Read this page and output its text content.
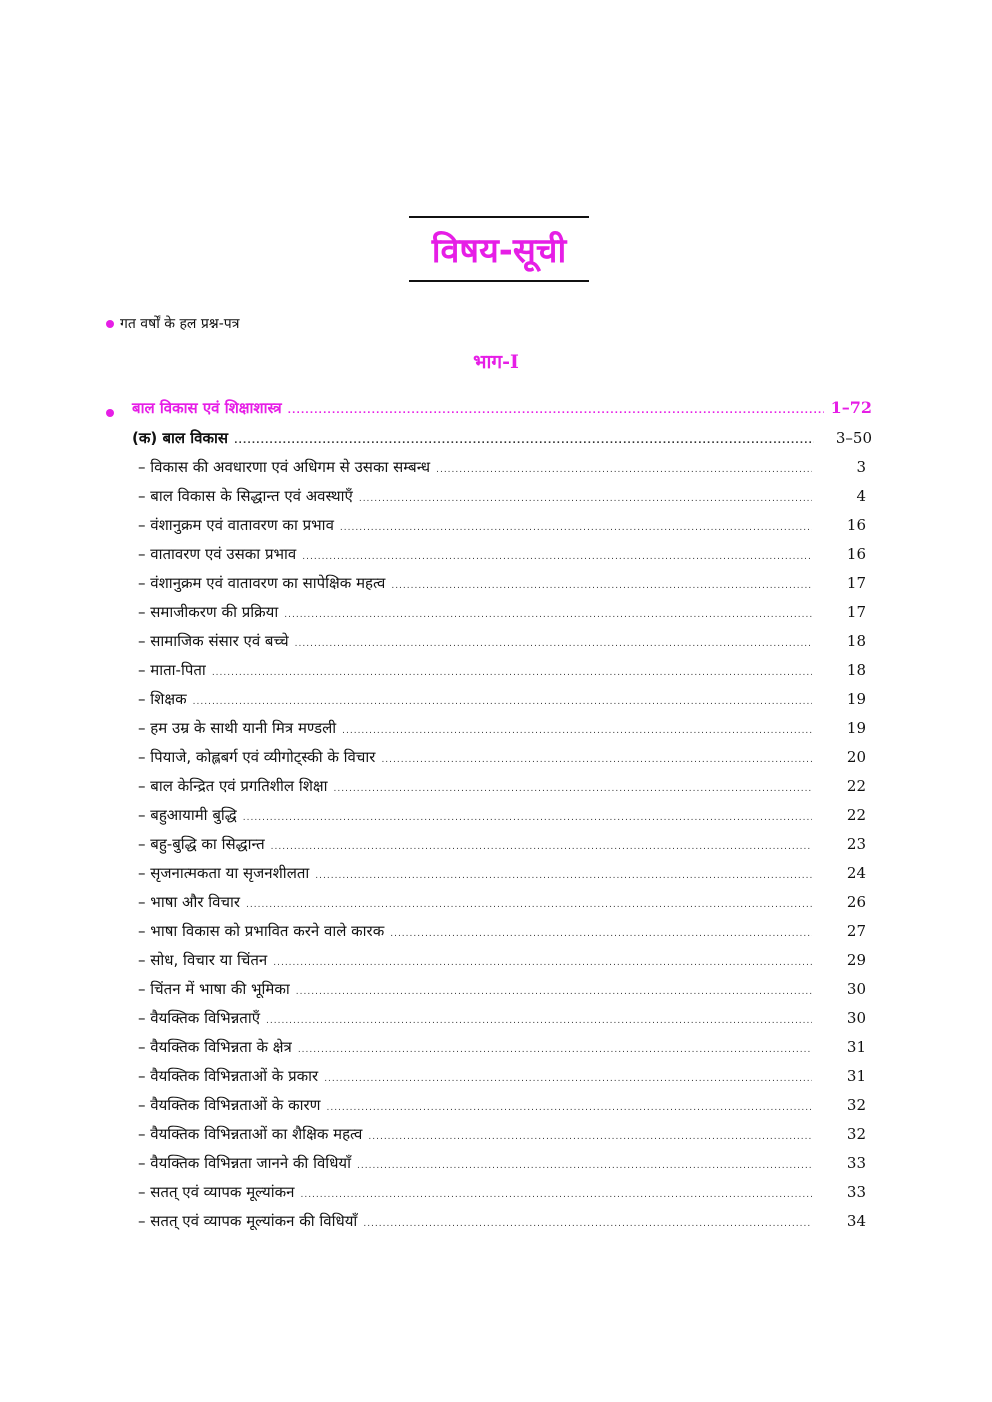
विषय-सूची
गत वर्षों के हल प्रश्न-पत्र
भाग-I
बाल विकास एवं शिक्षाशास्त्र .....	1–72
(क) बाल विकास .....	3–50
– विकास की अवधारणा एवं अधिगम से उसका सम्बन्ध .....	3
– बाल विकास के सिद्धान्त एवं अवस्थाएँ .....	4
– वंशानुक्रम एवं वातावरण का प्रभाव .....	16
– वातावरण एवं उसका प्रभाव .....	16
– वंशानुक्रम एवं वातावरण का सापेक्षिक महत्व .....	17
– समाजीकरण की प्रक्रिया .....	17
– सामाजिक संसार एवं बच्चे .....	18
– माता-पिता .....	18
– शिक्षक .....	19
– हम उम्र के साथी यानी मित्र मण्डली .....	19
– पियाजे, कोह्लबर्ग एवं व्यीगोट्स्की के विचार .....	20
– बाल केन्द्रित एवं प्रगतिशील शिक्षा .....	22
– बहुआयामी बुद्धि .....	22
– बहु-बुद्धि का सिद्धान्त .....	23
– सृजनात्मकता या सृजनशीलता .....	24
– भाषा और विचार .....	26
– भाषा विकास को प्रभावित करने वाले कारक .....	27
– सोध, विचार या चिंतन .....	29
– चिंतन में भाषा की भूमिका .....	30
– वैयक्तिक विभिन्नताएँ .....	30
– वैयक्तिक विभिन्नता के क्षेत्र .....	31
– वैयक्तिक विभिन्नताओं के प्रकार .....	31
– वैयक्तिक विभिन्नताओं के कारण .....	32
– वैयक्तिक विभिन्नताओं का शैक्षिक महत्व .....	32
– वैयक्तिक विभिन्नता जानने की विधियाँ .....	33
– सतत् एवं व्यापक मूल्यांकन .....	33
– सतत् एवं व्यापक मूल्यांकन की विधियाँ .....	34
